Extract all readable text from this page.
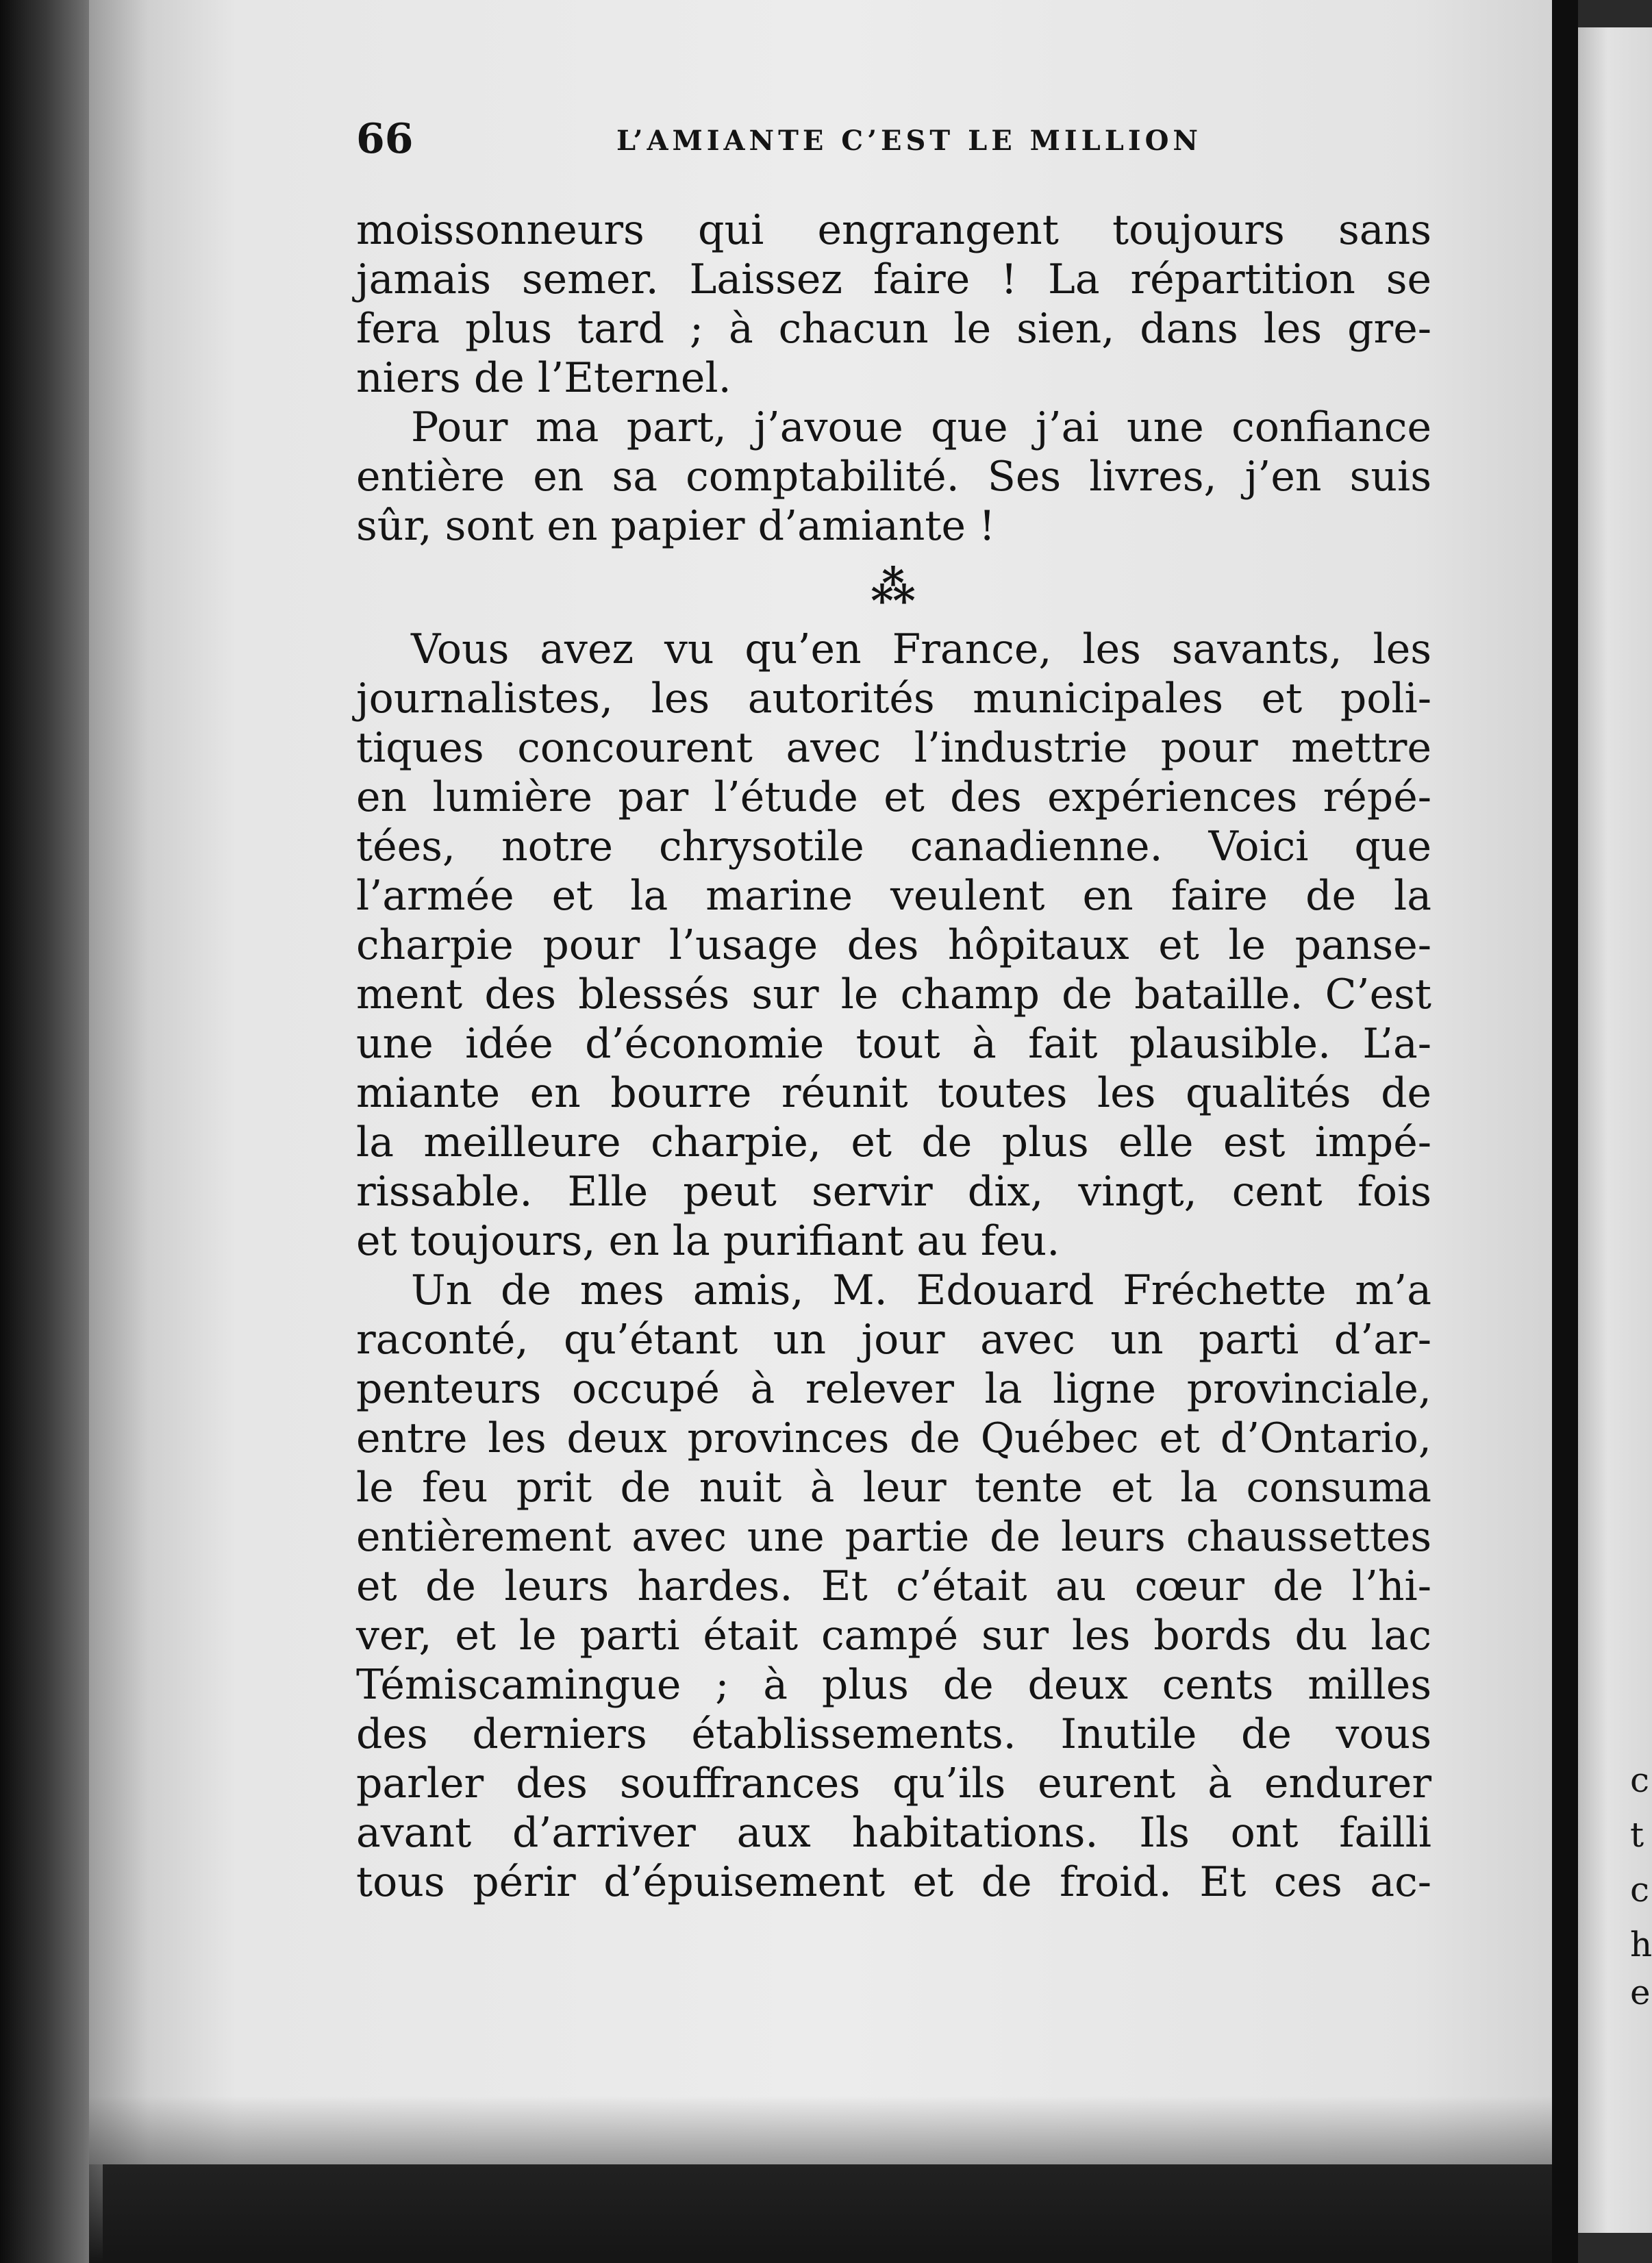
66	L’AMIANTE C’EST LE MILLION
moissonneurs qui engrangent toujours sans
jamais semer. Laissez faire ! La répartition se
fera plus tard ; à chacun le sien, dans les gre-
niers de l’Eternel.
Pour ma part, j’avoue que j’ai une confiance
entière en sa comptabilité. Ses livres, j’en suis
sûr, sont en papier d’amiante !
⁂
Vous avez vu qu’en France, les savants, les
journalistes, les autorités municipales et poli-
tiques concourent avec l’industrie pour mettre
en lumière par l’étude et des expériences répé-
tées, notre chrysotile canadienne. Voici que
l’armée et la marine veulent en faire de la
charpie pour l’usage des hôpitaux et le panse-
ment des blessés sur le champ de bataille. C’est
une idée d’économie tout à fait plausible. L’a-
miante en bourre réunit toutes les qualités de
la meilleure charpie, et de plus elle est impé-
rissable. Elle peut servir dix, vingt, cent fois
et toujours, en la purifiant au feu.
Un de mes amis, M. Edouard Fréchette m’a
raconté, qu’étant un jour avec un parti d’ar-
penteurs occupé à relever la ligne provinciale,
entre les deux provinces de Québec et d’Ontario,
le feu prit de nuit à leur tente et la consuma
entièrement avec une partie de leurs chaussettes
et de leurs hardes. Et c’était au cœur de l’hi-
ver, et le parti était campé sur les bords du lac
Témiscamingue ; à plus de deux cents milles
des derniers établissements. Inutile de vous
parler des souffrances qu’ils eurent à endurer
avant d’arriver aux habitations. Ils ont failli
tous périr d’épuisement et de froid. Et ces ac-
c
t
c
h
e
